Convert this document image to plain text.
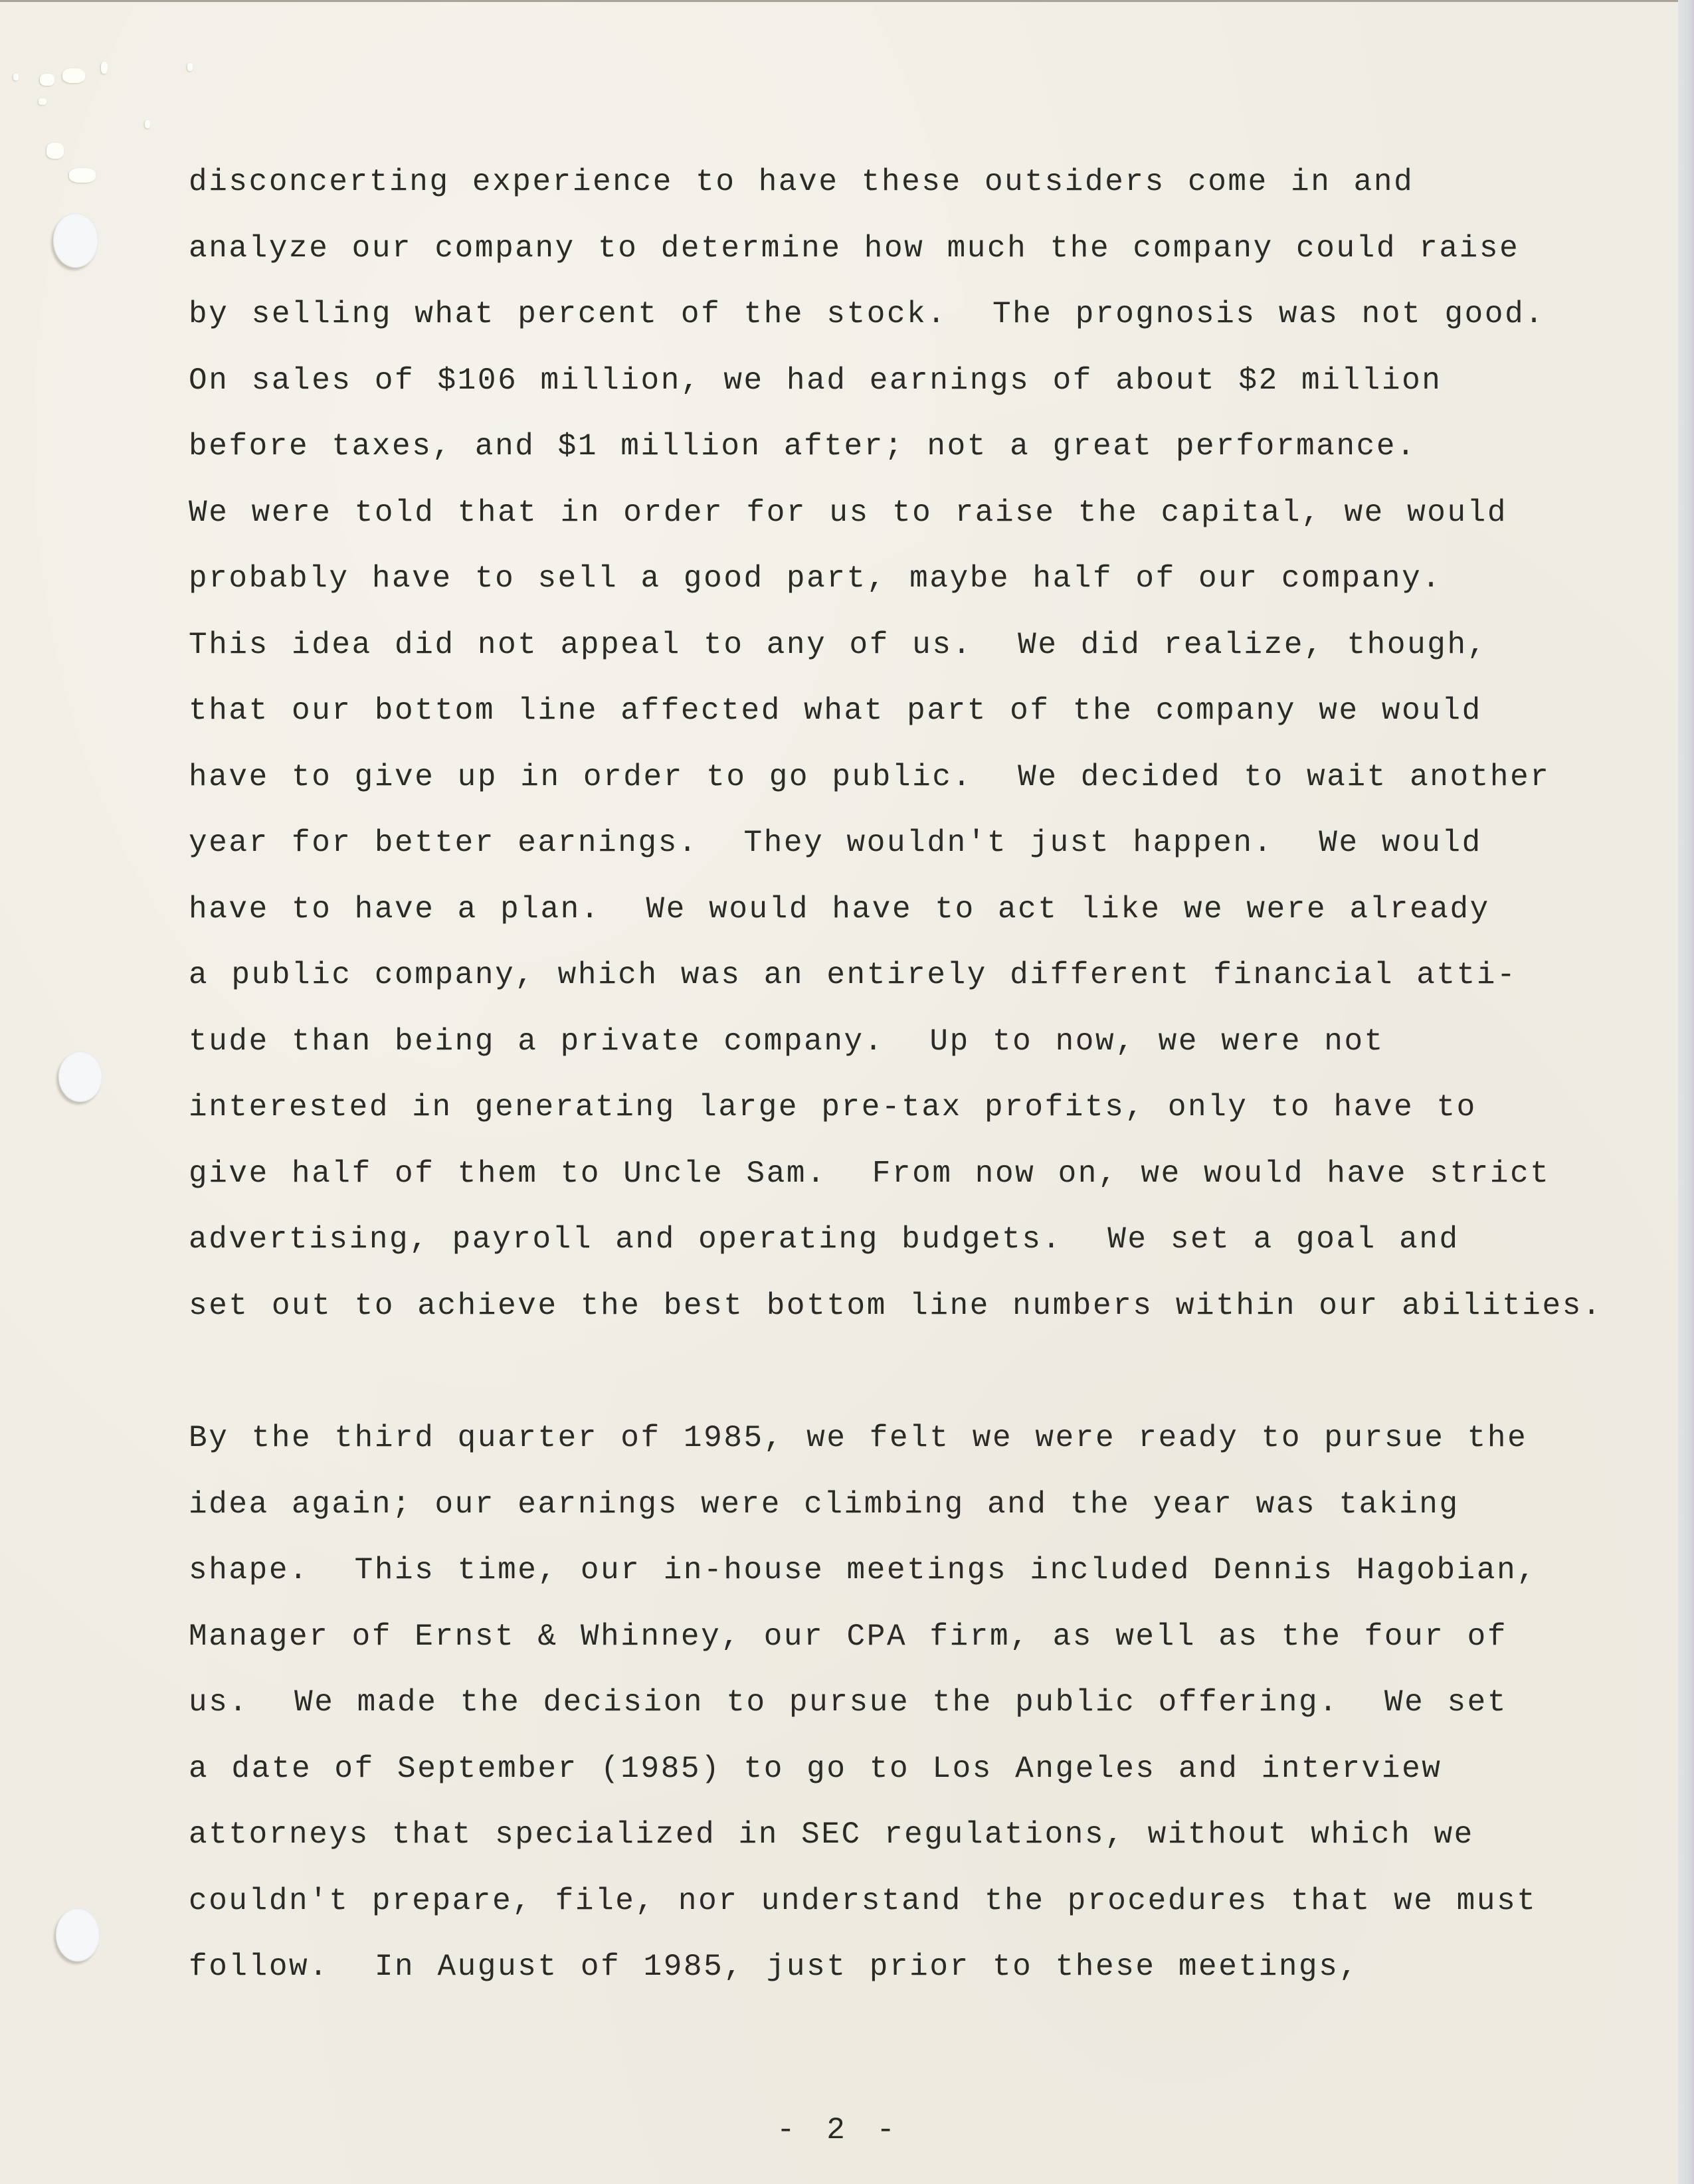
disconcerting experience to have these outsiders come in and
analyze our company to determine how much the company could raise
by selling what percent of the stock.  The prognosis was not good.
On sales of $106 million, we had earnings of about $2 million
before taxes, and $1 million after; not a great performance.
We were told that in order for us to raise the capital, we would
probably have to sell a good part, maybe half of our company.
This idea did not appeal to any of us.  We did realize, though,
that our bottom line affected what part of the company we would
have to give up in order to go public.  We decided to wait another
year for better earnings.  They wouldn't just happen.  We would
have to have a plan.  We would have to act like we were already
a public company, which was an entirely different financial atti-
tude than being a private company.  Up to now, we were not
interested in generating large pre-tax profits, only to have to
give half of them to Uncle Sam.  From now on, we would have strict
advertising, payroll and operating budgets.  We set a goal and
set out to achieve the best bottom line numbers within our abilities.
By the third quarter of 1985, we felt we were ready to pursue the
idea again; our earnings were climbing and the year was taking
shape.  This time, our in-house meetings included Dennis Hagobian,
Manager of Ernst & Whinney, our CPA firm, as well as the four of
us.  We made the decision to pursue the public offering.  We set
a date of September (1985) to go to Los Angeles and interview
attorneys that specialized in SEC regulations, without which we
couldn't prepare, file, nor understand the procedures that we must
follow.  In August of 1985, just prior to these meetings,
- 2 -
